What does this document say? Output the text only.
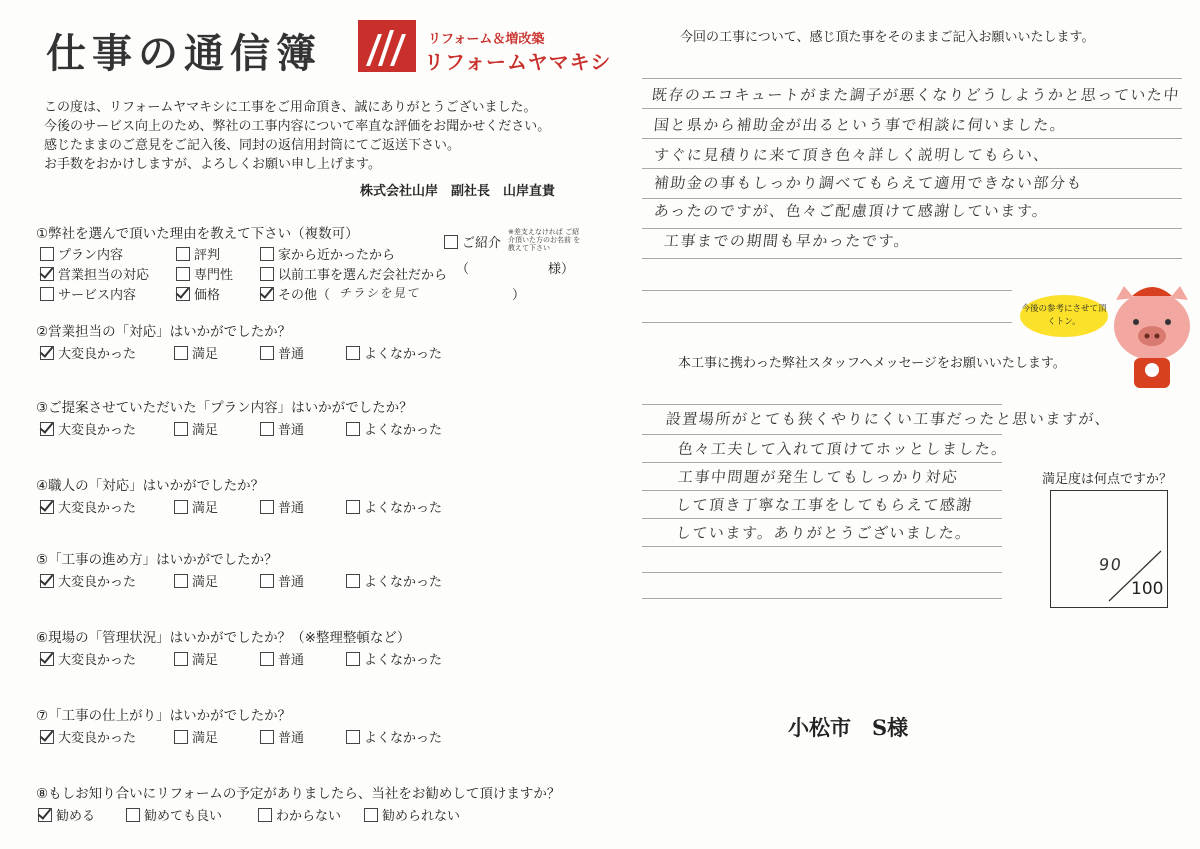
仕事の通信簿	リフォーム＆増改築
リフォームヤマキシ
この度は、リフォームヤマキシに工事をご用命頂き、誠にありがとうございました。
今後のサービス向上のため、弊社の工事内容について率直な評価をお聞かせください。
感じたままのご意見をご記入後、同封の返信用封筒にてご返送下さい。
お手数をおかけしますが、よろしくお願い申し上げます。
株式会社山岸　副社長　山岸直貴
①弊社を選んで頂いた理由を教えて下さい（複数可）
プラン内容	評判	家から近かったから
営業担当の対応	専門性	以前工事を選んだ会社だから
サービス内容	価格	その他（ チラシを見て	）
ご紹介
※差支えなければ ご紹介頂いた方のお名前 を教えて下さい
（	様）
②営業担当の「対応」はいかがでしたか？
大変良かった	満足	普通	よくなかった
③ご提案させていただいた「プラン内容」はいかがでしたか？
大変良かった	満足	普通	よくなかった
④職人の「対応」はいかがでしたか？
大変良かった	満足	普通	よくなかった
⑤「工事の進め方」はいかがでしたか？
大変良かった	満足	普通	よくなかった
⑥現場の「管理状況」はいかがでしたか？（※整理整頓など）
大変良かった	満足	普通	よくなかった
⑦「工事の仕上がり」はいかがでしたか？
大変良かった	満足	普通	よくなかった
⑧もしお知り合いにリフォームの予定がありましたら、当社をお勧めして頂けますか？
勧める	勧めても良い	わからない	勧められない
今回の工事について、感じ頂た事をそのままご記入お願いいたします。
既存のエコキュートがまた調子が悪くなりどうしようかと思っていた中
国と県から補助金が出るという事で相談に伺いました。
すぐに見積りに来て頂き色々詳しく説明してもらい、
補助金の事もしっかり調べてもらえて適用できない部分も
あったのですが、色々ご配慮頂けて感謝しています。
工事までの期間も早かったです。
今後の参考にさせて頂くトン。
本工事に携わった弊社スタッフへメッセージをお願いいたします。
設置場所がとても狭くやりにくい工事だったと思いますが、
色々工夫して入れて頂けてホッとしました。
工事中問題が発生してもしっかり対応
して頂き丁寧な工事をしてもらえて感謝
しています。ありがとうございました。
満足度は何点ですか？
90
100
小松市　S様
